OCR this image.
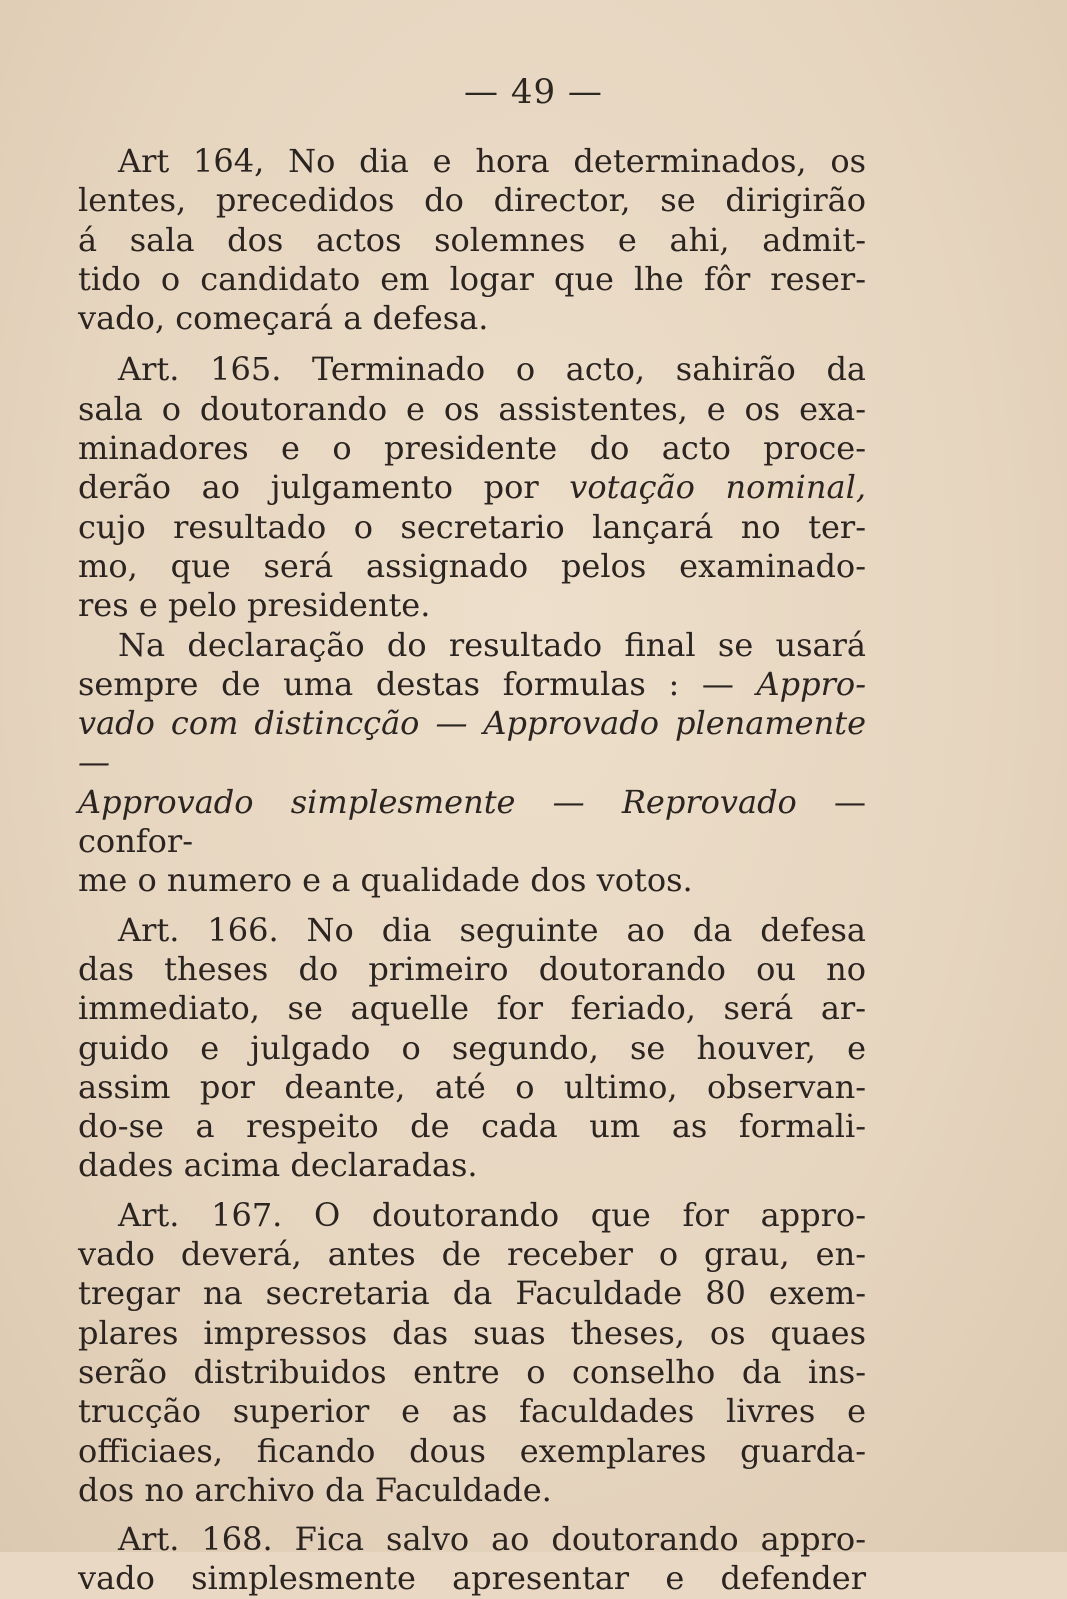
— 49 —

Art 164, No dia e hora determinados, os

lentes, precedidos do director, se dirigirão

á sala dos actos solemnes e ahi, admit-

tido o candidato em logar que lhe fôr reser-

vado, começará a defesa.

Art. 165. Terminado o acto, sahirão da

sala o doutorando e os assistentes, e os exa-

minadores e o presidente do acto proce-

derão ao julgamento por votação nominal,

cujo resultado o secretario lançará no ter-

mo, que será assignado pelos examinado-

res e pelo presidente.

Na declaração do resultado final se usará

sempre de uma destas formulas : — Appro-

vado com distincção — Approvado plenamente —

Approvado simplesmente — Reprovado — confor-

me o numero e a qualidade dos votos.

Art. 166. No dia seguinte ao da defesa

das theses do primeiro doutorando ou no

immediato, se aquelle for feriado, será ar-

guido e julgado o segundo, se houver, e

assim por deante, até o ultimo, observan-

do-se a respeito de cada um as formali-

dades acima declaradas.

Art. 167. O doutorando que for appro-

vado deverá, antes de receber o grau, en-

tregar na secretaria da Faculdade 80 exem-

plares impressos das suas theses, os quaes

serão distribuidos entre o conselho da ins-

trucção superior e as faculdades livres e

officiaes, ficando dous exemplares guarda-

dos no archivo da Faculdade.

Art. 168. Fica salvo ao doutorando appro-

vado simplesmente apresentar e defender
